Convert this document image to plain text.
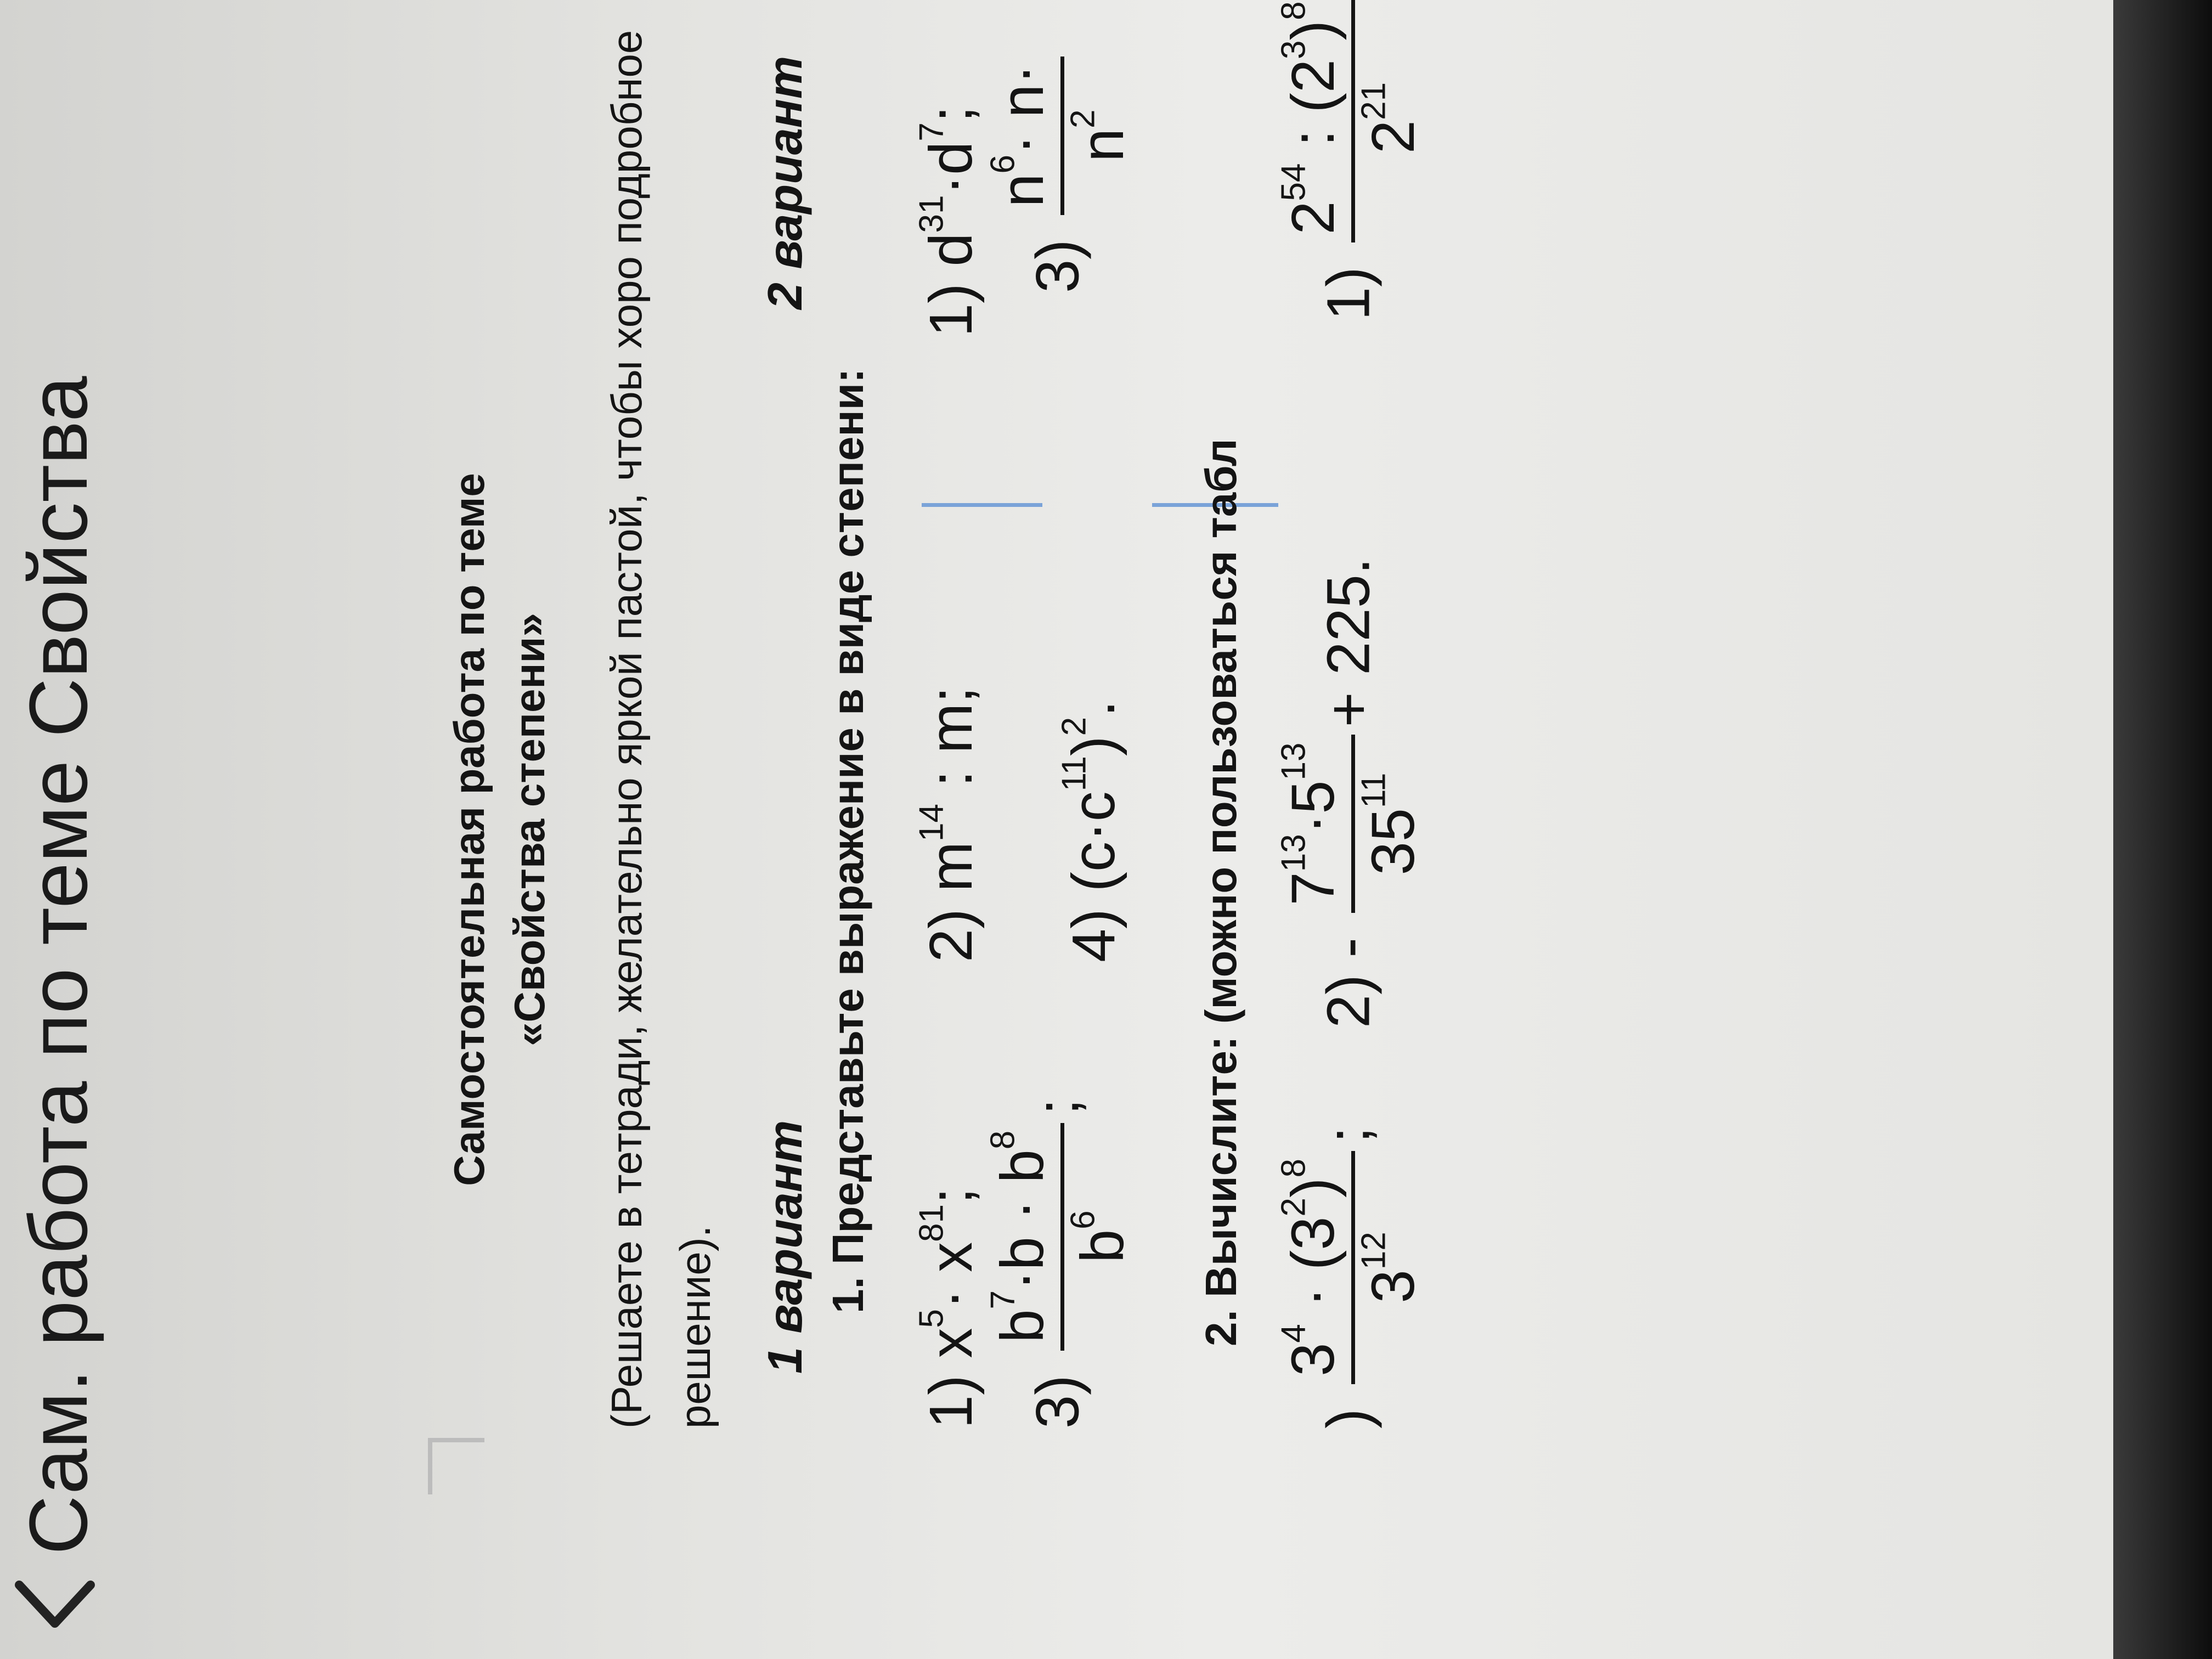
Сам. работа по теме Свойства	Самостоятельная работа по теме «Свойства степени» (Решаете в тетради, желательно яркой пастой, чтобы хоро подробное решение). 1 вариант
2 вариант
1. Представьте выражение в виде степени:
1) $x^5\cdot x^{81}$;
2) $m^{14}$ : m;
3)
$b^7\cdot b \cdot b^8$
$b^6$
;
4) $(c\cdot c^{11})^2$.
1) $d^{31}\cdot d^7$;
3)
$n^6\cdot n\cdot n^2$
2. Вычислите: (можно пользоваться табл
)
$3^4 \cdot (3^2)^8$
$3^{12}$
;
2) -
$7^{13}\cdot 5^{13}$
$35^{11}$
+ 225.
1)
$2^{54}$ : $(2^3)^8$
$2^{21}$
